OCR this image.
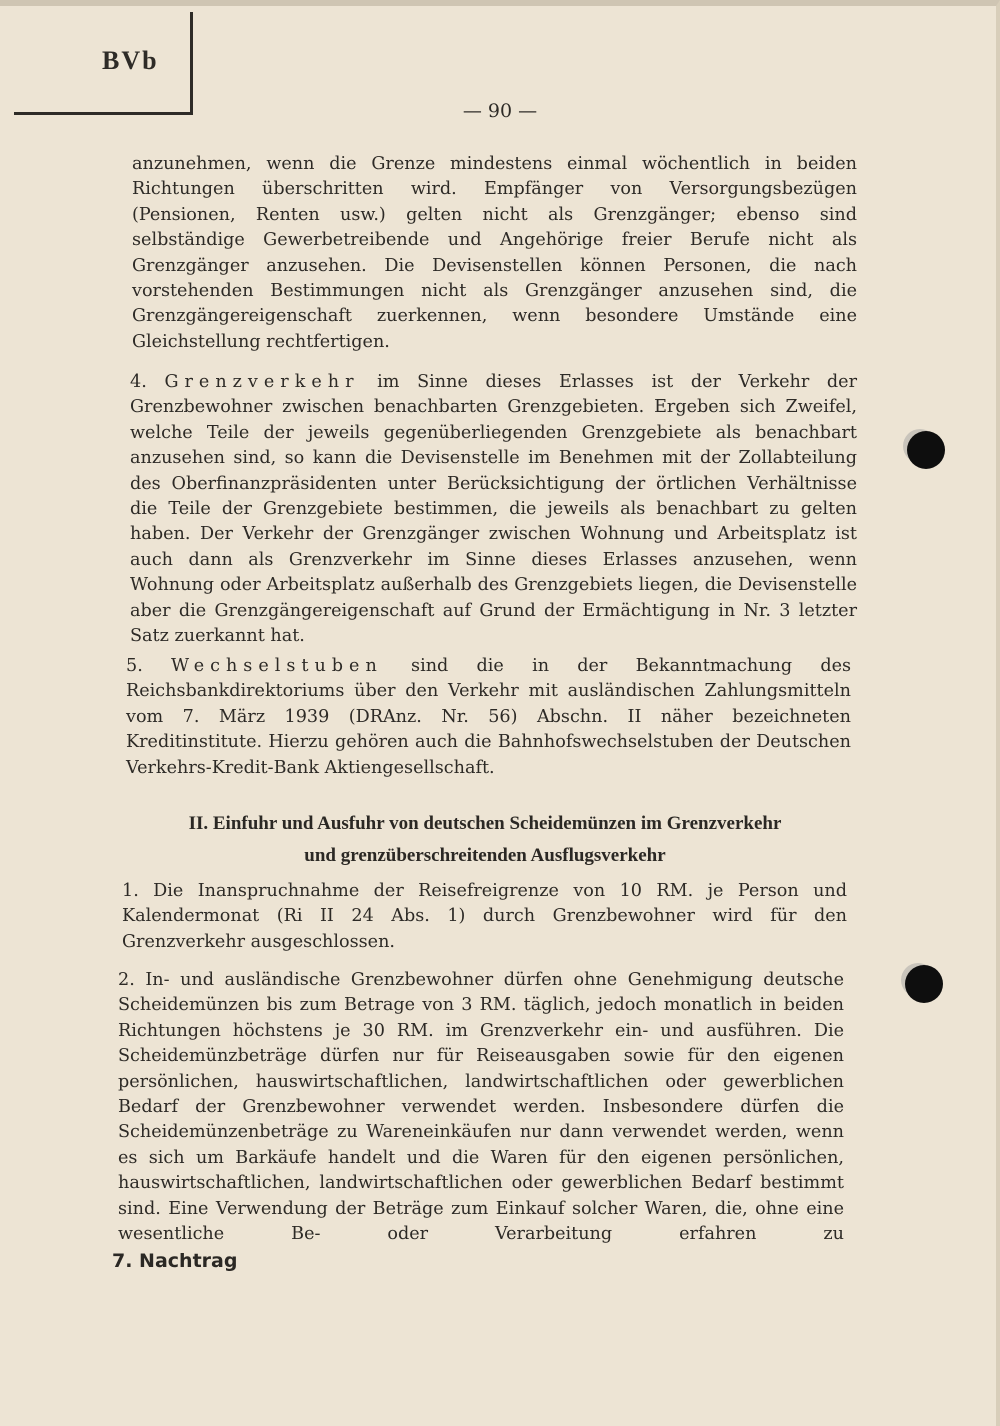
BVb
— 90 —

anzunehmen, wenn die Grenze mindestens einmal wöchentlich in beiden Richtungen überschritten wird. Empfänger von Versorgungsbezügen (Pensionen, Renten usw.) gelten nicht als Grenzgänger; ebenso sind selbständige Gewerbetreibende und Angehörige freier Berufe nicht als Grenzgänger anzusehen. Die Devisenstellen können Personen, die nach vorstehenden Bestimmungen nicht als Grenzgänger anzusehen sind, die Grenzgängereigenschaft zuerkennen, wenn besondere Umstände eine Gleichstellung rechtfertigen.

4. Grenzverkehr im Sinne dieses Erlasses ist der Verkehr der Grenzbewohner zwischen benachbarten Grenzgebieten. Ergeben sich Zweifel, welche Teile der jeweils gegenüberliegenden Grenzgebiete als benachbart anzusehen sind, so kann die Devisenstelle im Benehmen mit der Zollabteilung des Oberfinanzpräsidenten unter Berücksichtigung der örtlichen Verhältnisse die Teile der Grenzgebiete bestimmen, die jeweils als benachbart zu gelten haben. Der Verkehr der Grenzgänger zwischen Wohnung und Arbeitsplatz ist auch dann als Grenzverkehr im Sinne dieses Erlasses anzusehen, wenn Wohnung oder Arbeitsplatz außerhalb des Grenzgebiets liegen, die Devisenstelle aber die Grenzgängereigenschaft auf Grund der Ermächtigung in Nr. 3 letzter Satz zuerkannt hat.

5. Wechselstuben sind die in der Bekanntmachung des Reichsbankdirektoriums über den Verkehr mit ausländischen Zahlungsmitteln vom 7. März 1939 (DRAnz. Nr. 56) Abschn. II näher bezeichneten Kreditinstitute. Hierzu gehören auch die Bahnhofswechselstuben der Deutschen Verkehrs-Kredit-Bank Aktiengesellschaft.

II. Einfuhr und Ausfuhr von deutschen Scheidemünzen im Grenzverkehr
und grenzüberschreitenden Ausflugsverkehr

1. Die Inanspruchnahme der Reisefreigrenze von 10 RM. je Person und Kalendermonat (Ri II 24 Abs. 1) durch Grenzbewohner wird für den Grenzverkehr ausgeschlossen.

2. In- und ausländische Grenzbewohner dürfen ohne Genehmigung deutsche Scheidemünzen bis zum Betrage von 3 RM. täglich, jedoch monatlich in beiden Richtungen höchstens je 30 RM. im Grenzverkehr ein- und ausführen. Die Scheidemünzbeträge dürfen nur für Reiseausgaben sowie für den eigenen persönlichen, hauswirtschaftlichen, landwirtschaftlichen oder gewerblichen Bedarf der Grenzbewohner verwendet werden. Insbesondere dürfen die Scheidemünzenbeträge zu Wareneinkäufen nur dann verwendet werden, wenn es sich um Barkäufe handelt und die Waren für den eigenen persönlichen, hauswirtschaftlichen, landwirtschaftlichen oder gewerblichen Bedarf bestimmt sind. Eine Verwendung der Beträge zum Einkauf solcher Waren, die, ohne eine wesentliche Be- oder Verarbeitung erfahren zu

7. Nachtrag
